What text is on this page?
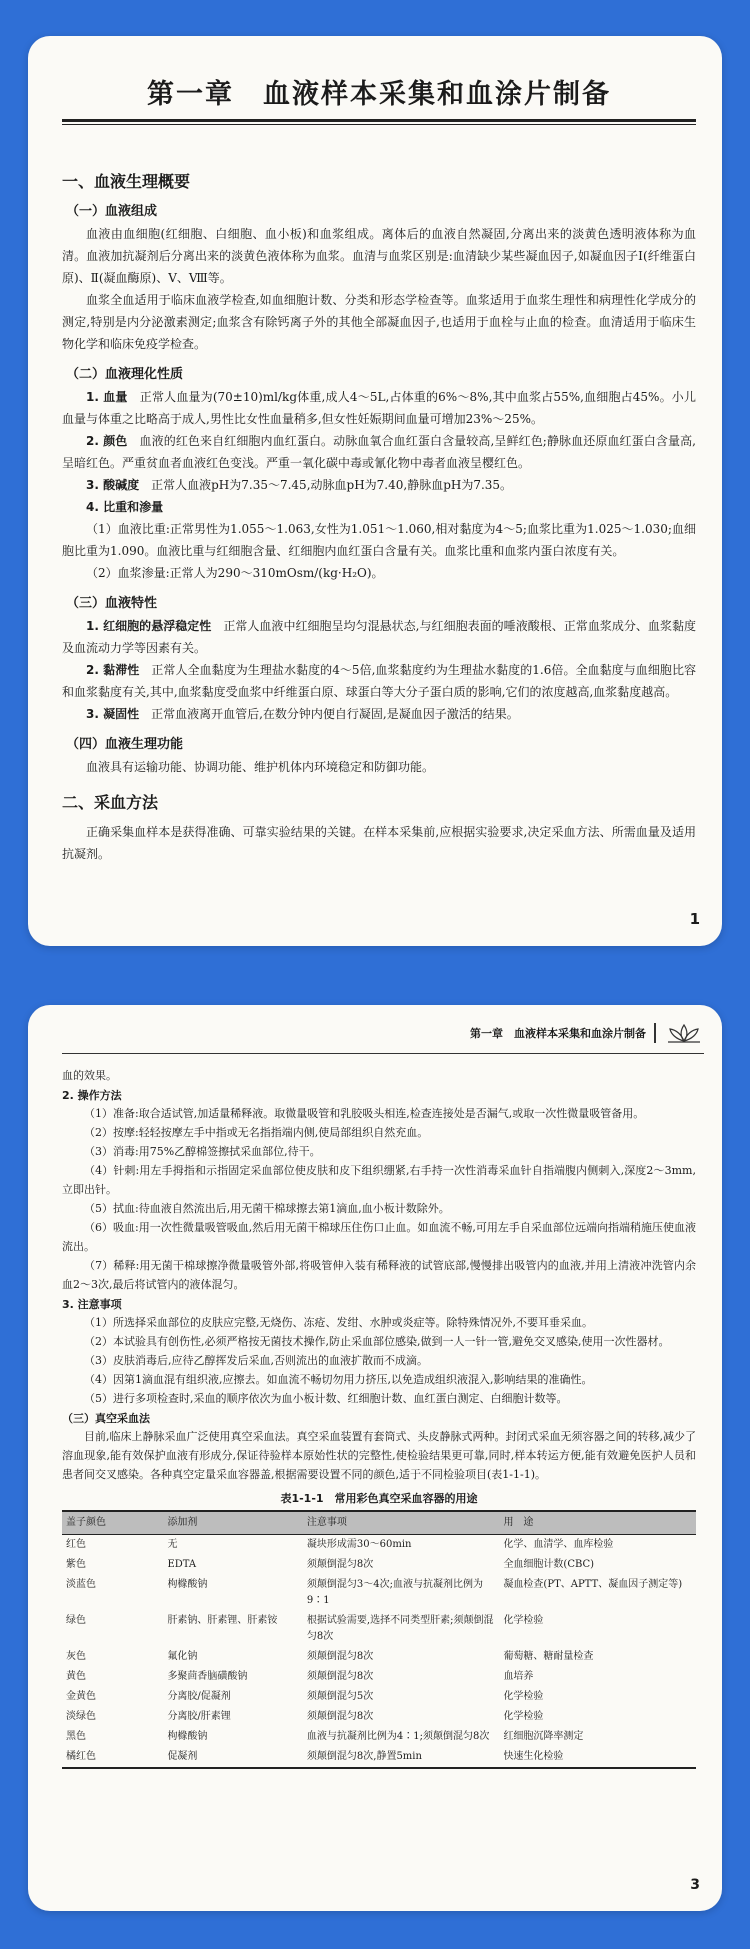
第一章　血液样本采集和血涂片制备
一、血液生理概要
（一）血液组成

血液由血细胞(红细胞、白细胞、血小板)和血浆组成。离体后的血液自然凝固,分离出来的淡黄色透明液体称为血清。血液加抗凝剂后分离出来的淡黄色液体称为血浆。血清与血浆区别是:血清缺少某些凝血因子,如凝血因子Ⅰ(纤维蛋白原)、Ⅱ(凝血酶原)、Ⅴ、Ⅷ等。

血浆全血适用于临床血液学检查,如血细胞计数、分类和形态学检查等。血浆适用于血浆生理性和病理性化学成分的测定,特别是内分泌激素测定;血浆含有除钙离子外的其他全部凝血因子,也适用于血栓与止血的检查。血清适用于临床生物化学和临床免疫学检查。

（二）血液理化性质

1. 血量　 正常人血量为(70±10)ml/kg体重,成人4～5L,占体重的6%～8%,其中血浆占55%,血细胞占45%。小儿血量与体重之比略高于成人,男性比女性血量稍多,但女性妊娠期间血量可增加23%～25%。

2. 颜色　 血液的红色来自红细胞内血红蛋白。动脉血氧合血红蛋白含量较高,呈鲜红色;静脉血还原血红蛋白含量高,呈暗红色。严重贫血者血液红色变浅。严重一氧化碳中毒或氰化物中毒者血液呈樱红色。

3. 酸碱度　 正常人血液pH为7.35～7.45,动脉血pH为7.40,静脉血pH为7.35。

4. 比重和渗量

（1）血液比重:正常男性为1.055～1.063,女性为1.051～1.060,相对黏度为4～5;血浆比重为1.025～1.030;血细胞比重为1.090。血液比重与红细胞含量、红细胞内血红蛋白含量有关。血浆比重和血浆内蛋白浓度有关。

（2）血浆渗量:正常人为290～310mOsm/(kg·H₂O)。

（三）血液特性

1. 红细胞的悬浮稳定性　 正常人血液中红细胞呈均匀混悬状态,与红细胞表面的唾液酸根、正常血浆成分、血浆黏度及血流动力学等因素有关。

2. 黏滞性　 正常人全血黏度为生理盐水黏度的4～5倍,血浆黏度约为生理盐水黏度的1.6倍。全血黏度与血细胞比容和血浆黏度有关,其中,血浆黏度受血浆中纤维蛋白原、球蛋白等大分子蛋白质的影响,它们的浓度越高,血浆黏度越高。

3. 凝固性　 正常血液离开血管后,在数分钟内便自行凝固,是凝血因子激活的结果。

（四）血液生理功能

血液具有运输功能、协调功能、维护机体内环境稳定和防御功能。

二、采血方法

正确采集血样本是获得准确、可靠实验结果的关键。在样本采集前,应根据实验要求,决定采血方法、所需血量及适用抗凝剂。

1
第一章　血液样本采集和血涂片制备

血的效果。

2. 操作方法

（1）准备:取合适试管,加适量稀释液。取微量吸管和乳胶吸头相连,检查连接处是否漏气,或取一次性微量吸管备用。

（2）按摩:轻轻按摩左手中指或无名指指端内侧,使局部组织自然充血。

（3）消毒:用75%乙醇棉签擦拭采血部位,待干。

（4）针刺:用左手拇指和示指固定采血部位使皮肤和皮下组织绷紧,右手持一次性消毒采血针自指端腹内侧刺入,深度2～3mm,立即出针。

（5）拭血:待血液自然流出后,用无菌干棉球擦去第1滴血,血小板计数除外。

（6）吸血:用一次性微量吸管吸血,然后用无菌干棉球压住伤口止血。如血流不畅,可用左手自采血部位远端向指端稍施压使血液流出。

（7）稀释:用无菌干棉球擦净微量吸管外部,将吸管伸入装有稀释液的试管底部,慢慢排出吸管内的血液,并用上清液冲洗管内余血2～3次,最后将试管内的液体混匀。

3. 注意事项

（1）所选择采血部位的皮肤应完整,无烧伤、冻疮、发绀、水肿或炎症等。除特殊情况外,不要耳垂采血。

（2）本试验具有创伤性,必须严格按无菌技术操作,防止采血部位感染,做到一人一针一管,避免交叉感染,使用一次性器材。

（3）皮肤消毒后,应待乙醇挥发后采血,否则流出的血液扩散而不成滴。

（4）因第1滴血混有组织液,应擦去。如血流不畅切勿用力挤压,以免造成组织液混入,影响结果的准确性。

（5）进行多项检查时,采血的顺序依次为血小板计数、红细胞计数、血红蛋白测定、白细胞计数等。

（三）真空采血法

目前,临床上静脉采血广泛使用真空采血法。真空采血装置有套筒式、头皮静脉式两种。封闭式采血无须容器之间的转移,减少了溶血现象,能有效保护血液有形成分,保证待验样本原始性状的完整性,使检验结果更可靠,同时,样本转运方便,能有效避免医护人员和患者间交叉感染。各种真空定量采血容器盖,根据需要设置不同的颜色,适于不同检验项目(表1-1-1)。

表1-1-1　常用彩色真空采血容器的用途
盖子颜色	添加剂	注意事项	用　途
红色	无	凝块形成需30～60min	化学、血清学、血库检验
紫色	EDTA	须颠倒混匀8次	全血细胞计数(CBC)
淡蓝色	枸橼酸钠	须颠倒混匀3～4次;血液与抗凝剂比例为9∶1	凝血检查(PT、APTT、凝血因子测定等)
绿色	肝素钠、肝素锂、肝素铵	根据试验需要,选择不同类型肝素;须颠倒混匀8次	化学检验
灰色	氟化钠	须颠倒混匀8次	葡萄糖、糖耐量检查
黄色	多聚茴香脑磺酸钠	须颠倒混匀8次	血培养
金黄色	分离胶/促凝剂	须颠倒混匀5次	化学检验
淡绿色	分离胶/肝素锂	须颠倒混匀8次	化学检验
黑色	枸橼酸钠	血液与抗凝剂比例为4∶1;须颠倒混匀8次	红细胞沉降率测定
橘红色	促凝剂	须颠倒混匀8次,静置5min	快速生化检验
3
